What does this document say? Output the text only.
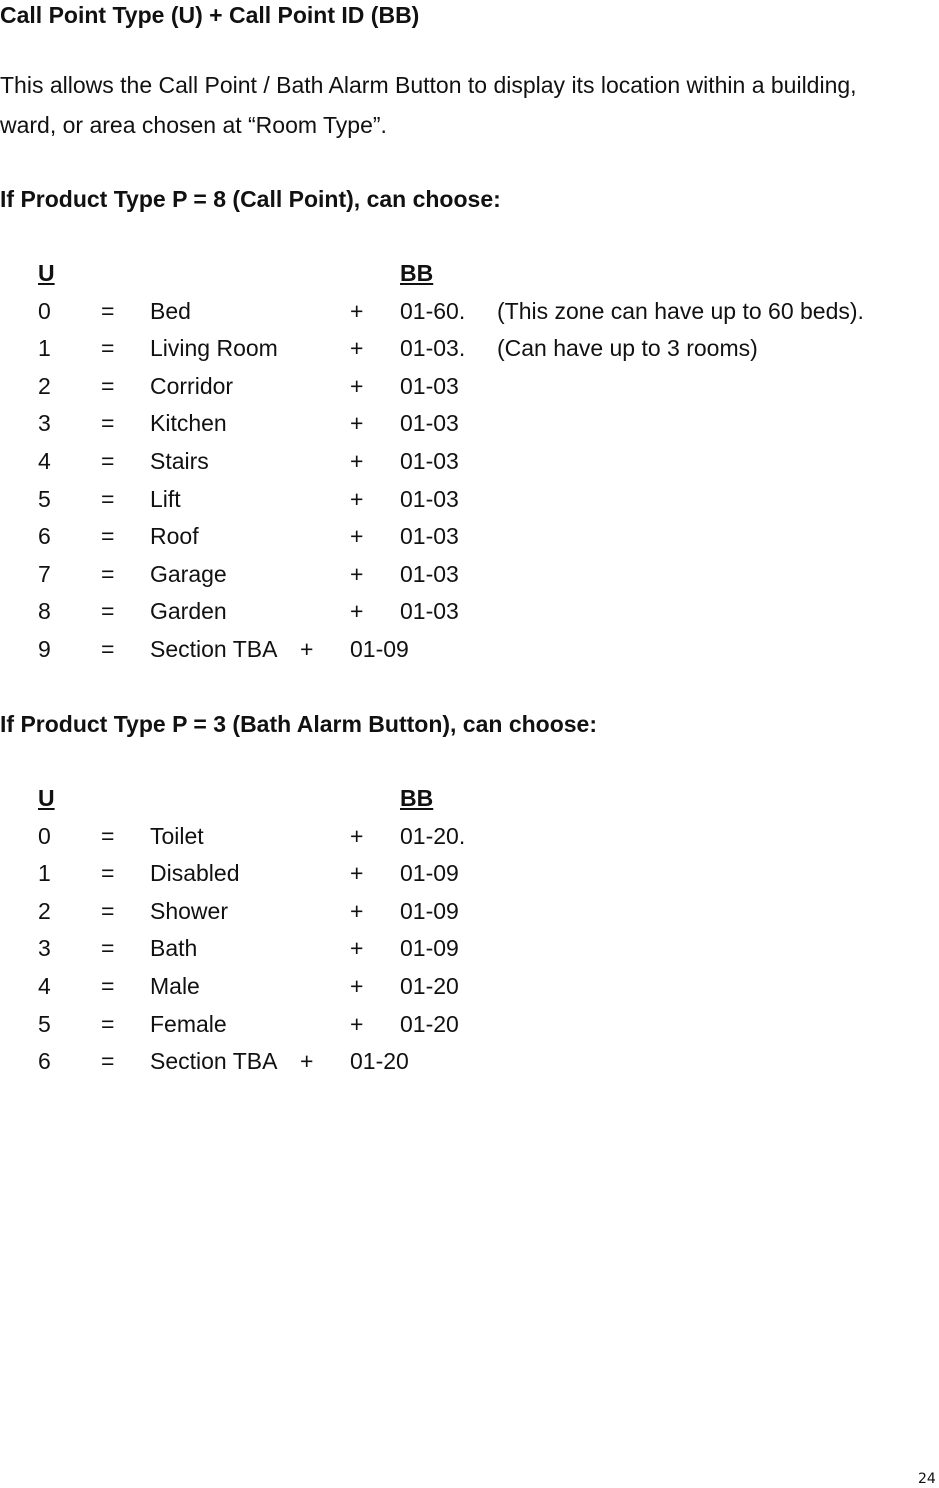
Call Point Type (U) + Call Point ID (BB)
This allows the Call Point / Bath Alarm Button to display its location within a building,
ward, or area chosen at “Room Type”.
If Product Type P = 8 (Call Point), can choose:
U	BB
0 = Bed	+ 01-60. (This zone can have up to 60 beds).
1 = Living Room	+ 01-03. (Can have up to 3 rooms)
2 = Corridor	+ 01-03
3 = Kitchen	+ 01-03
4 = Stairs	+ 01-03
5 = Lift	+ 01-03
6 = Roof	+ 01-03
7 = Garage	+ 01-03
8 = Garden	+ 01-03
9 = Section TBA + 01-09
If Product Type P = 3 (Bath Alarm Button), can choose:
U	BB
0 = Toilet	+ 01-20.
1 = Disabled	+ 01-09
2 = Shower	+ 01-09
3 = Bath	+ 01-09
4 = Male	+ 01-20
5 = Female	+ 01-20
6 = Section TBA + 01-20
24
